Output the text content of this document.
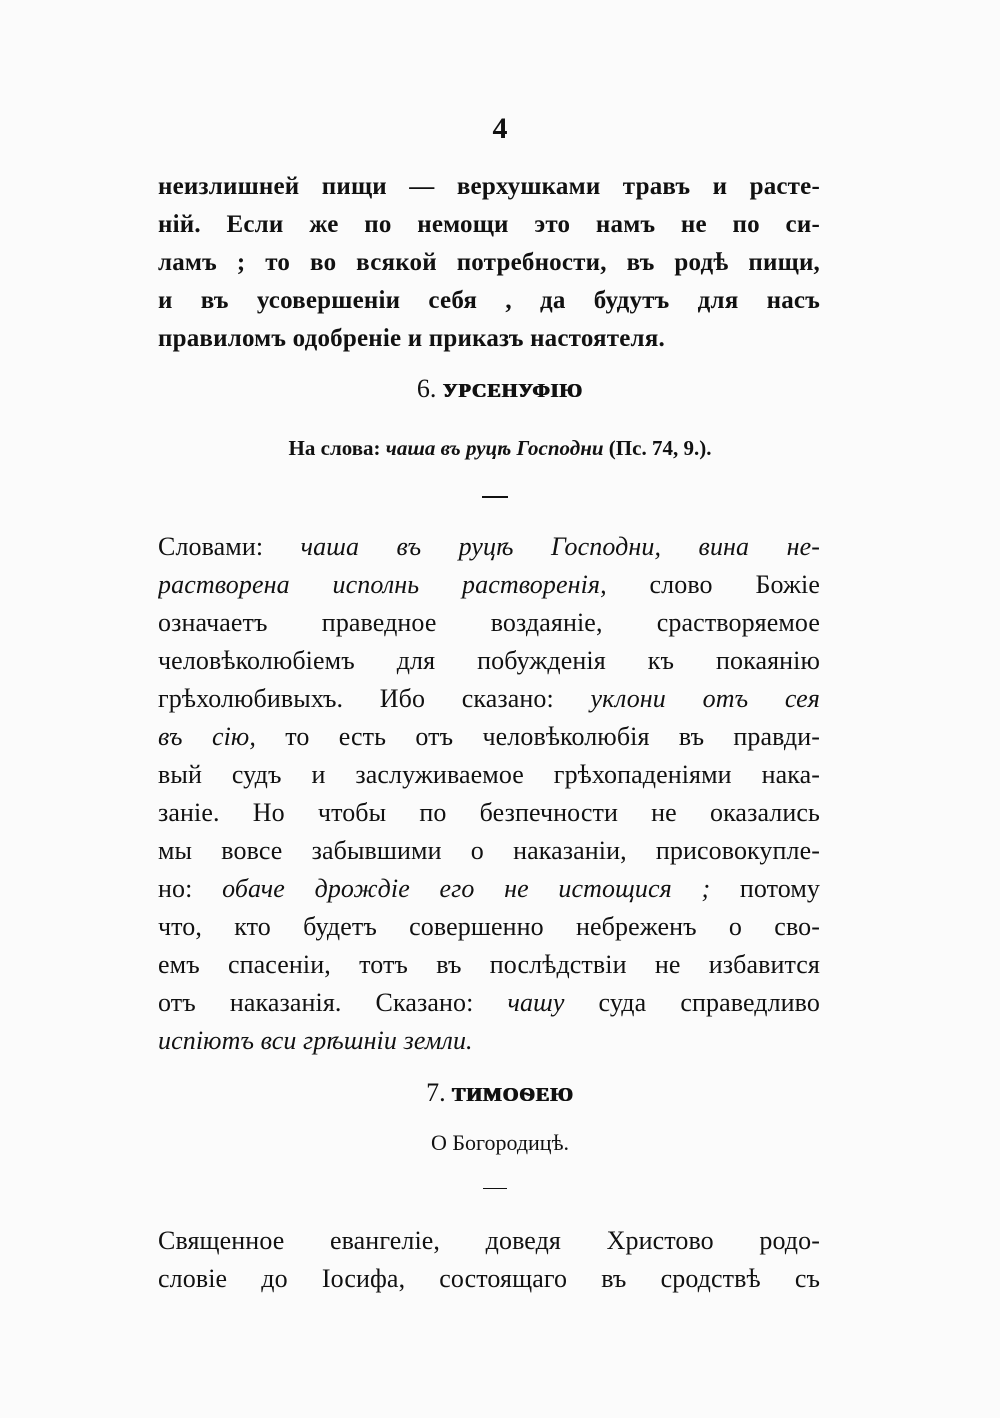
4
неизлишней пищи — верхушками травъ и расте-
ній. Если же по немощи это намъ не по си-
ламъ ; то во всякой потребности, въ родѣ пищи,
и въ усовершеніи себя , да будутъ для насъ
правиломъ одобреніе и приказъ настоятеля.
6. УРСЕНУФІЮ
На слова: чаша въ руцѣ Господни (Пс. 74, 9.).
Словами: чаша въ руцѣ Господни, вина не-
растворена исполнь растворенія, слово Божіе
означаетъ праведное воздаяніе, срастворяемое
человѣколюбіемъ для побужденія къ покаянію
грѣхолюбивыхъ. Ибо сказано: уклони отъ сея
въ сію, то есть отъ человѣколюбія въ правди-
вый судъ и заслуживаемое грѣхопаденіями нака-
заніе. Но чтобы по безпечности не оказались
мы вовсе забывшими о наказаніи, присовокупле-
но: обаче дрождіе его не истощися ; потому
что, кто будетъ совершенно небреженъ о сво-
емъ спасеніи, тотъ въ послѣдствіи не избавится
отъ наказанія. Сказано: чашу суда справедливо
испіютъ вси грѣшніи земли.
7. ТИМОѲЕЮ
О Богородицѣ.
Священное евангеліе, доведя Христово родо-
словіе до Іосифа, состоящаго въ сродствѣ съ
